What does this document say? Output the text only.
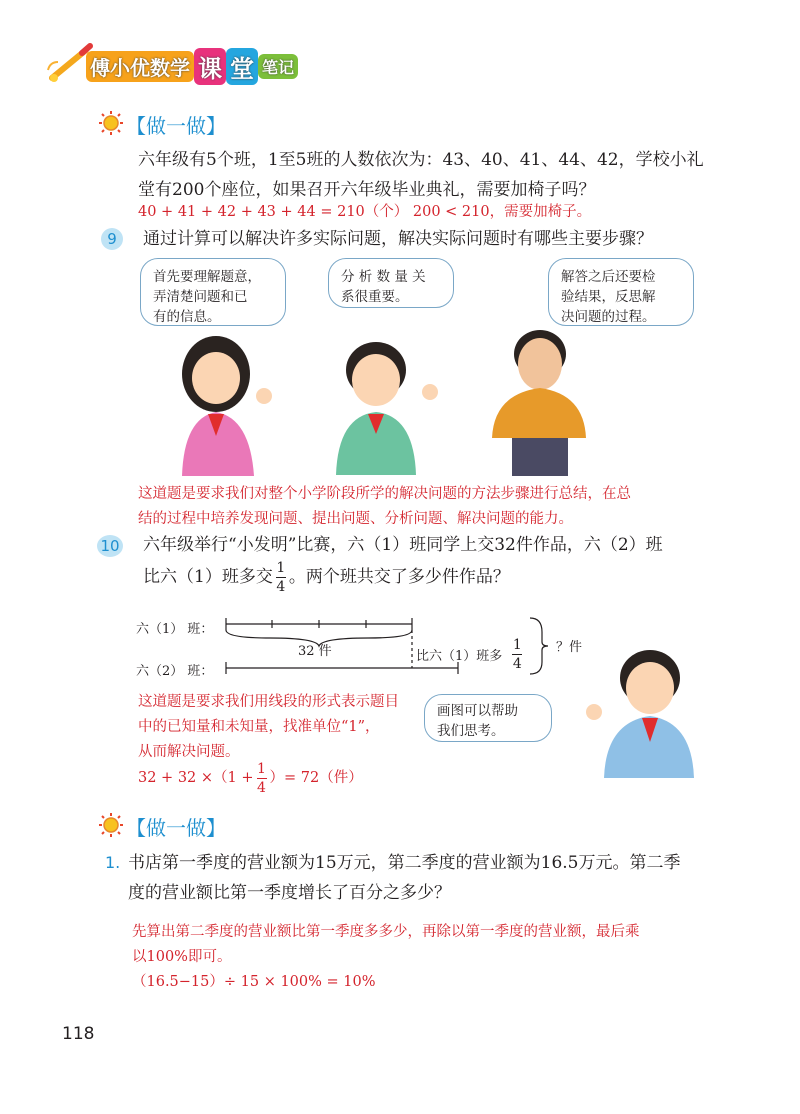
傅小优数学 课 堂 笔记
【做一做】
六年级有5个班，1至5班的人数依次为：43、40、41、44、42，学校小礼
堂有200个座位，如果召开六年级毕业典礼，需要加椅子吗？
40 + 41 + 42 + 43 + 44 = 210（个） 200 < 210，需要加椅子。
9	通过计算可以解决许多实际问题，解决实际问题时有哪些主要步骤？
首先要理解题意，
弄清楚问题和已
有的信息。
分 析 数 量 关
系很重要。
解答之后还要检
验结果，反思解
决问题的过程。
这道题是要求我们对整个小学阶段所学的解决问题的方法步骤进行总结，在总
结的过程中培养发现问题、提出问题、分析问题、解决问题的能力。
10 六年级举行“小发明”比赛，六（1）班同学上交32件作品，六（2）班
比六（1）班多交 $\frac{1}{4}$ 。两个班共交了多少件作品？
六（1） 班：
六（2） 班：
32 件	比六（1）班多 $\frac{1}{4}$	？件
画图可以帮助
我们思考。
这道题是要求我们用线段的形式表示题目
中的已知量和未知量，找准单位“1”，
从而解决问题。
$32 + 32 \times(1 + \frac{1}{4}$ ）= 72（件）
【做一做】
1. 书店第一季度的营业额为15万元，第二季度的营业额为16.5万元。第二季
度的营业额比第一季度增长了百分之多少？
先算出第二季度的营业额比第一季度多多少，再除以第一季度的营业额，最后乘
以100%即可。
（16.5−15）÷ 15 × 100% = 10%
118
